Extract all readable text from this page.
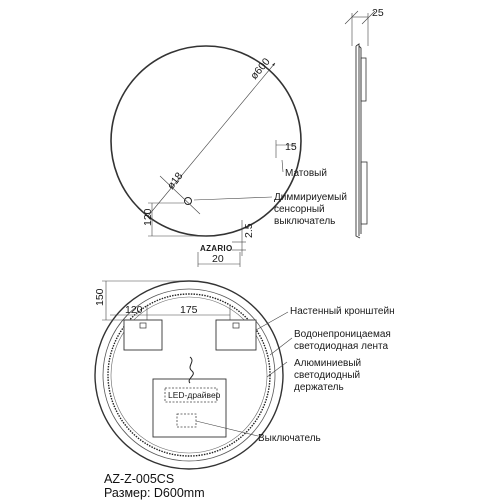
ø600
15
Матовый
ø18
Диммириуемый
сенсорный
выключатель
120
AZARIO
2.5
20
25
150
120	175
LED-драйвер
Настенный кронштейн
Водонепроницаемая
светодиодная лента
Алюминиевый
светодиодный
держатель
Выключатель
AZ-Z-005CS
Размер: D600mm
